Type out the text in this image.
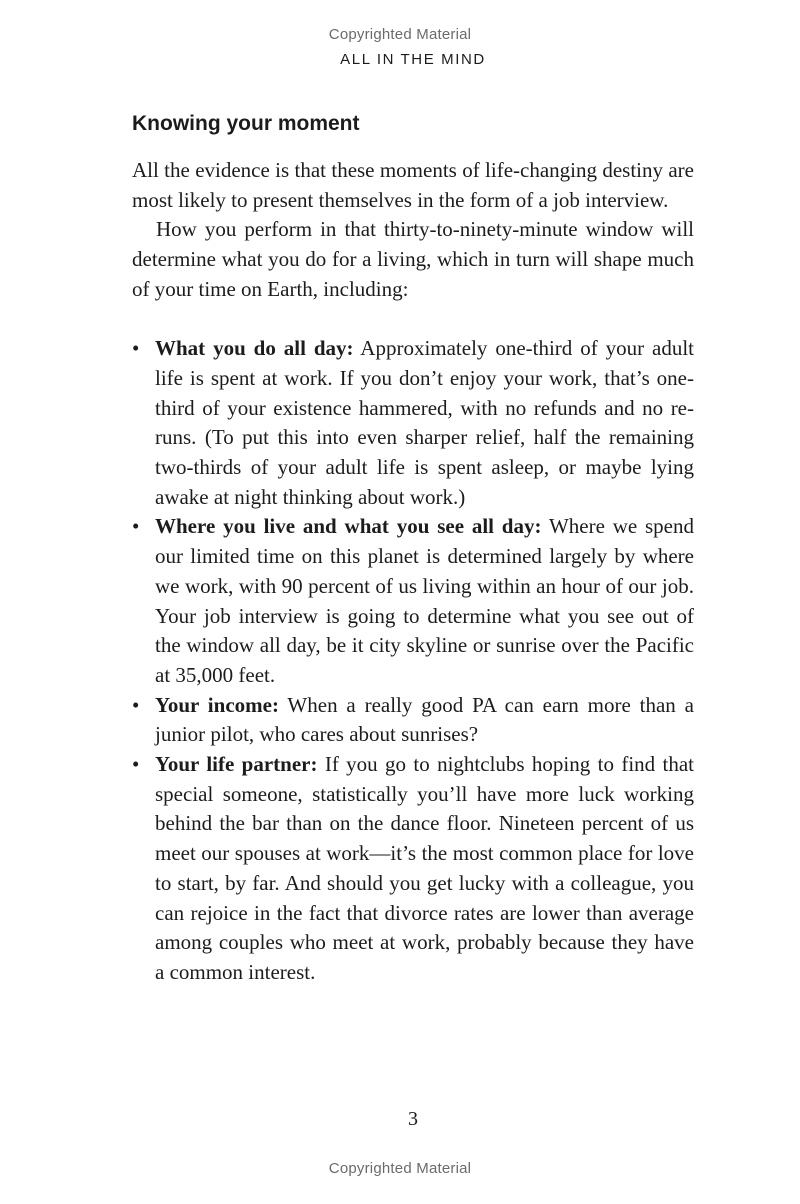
Copyrighted Material
ALL IN THE MIND
Knowing your moment

All the evidence is that these moments of life-changing destiny are most likely to present themselves in the form of a job interview.

How you perform in that thirty-to-ninety-minute window will determine what you do for a living, which in turn will shape much of your time on Earth, including:

• What you do all day: Approximately one-third of your adult life is spent at work. If you don’t enjoy your work, that’s one-third of your existence hammered, with no refunds and no re-runs. (To put this into even sharper relief, half the remaining two-thirds of your adult life is spent asleep, or maybe lying awake at night thinking about work.)
• Where you live and what you see all day: Where we spend our limited time on this planet is determined largely by where we work, with 90 percent of us living within an hour of our job. Your job interview is going to determine what you see out of the window all day, be it city skyline or sunrise over the Pacific at 35,000 feet.
• Your income: When a really good PA can earn more than a junior pilot, who cares about sunrises?
• Your life partner: If you go to nightclubs hoping to find that special someone, statistically you’ll have more luck working behind the bar than on the dance floor. Nineteen percent of us meet our spouses at work—it’s the most common place for love to start, by far. And should you get lucky with a colleague, you can rejoice in the fact that divorce rates are lower than average among couples who meet at work, probably because they have a common interest.
3
Copyrighted Material
